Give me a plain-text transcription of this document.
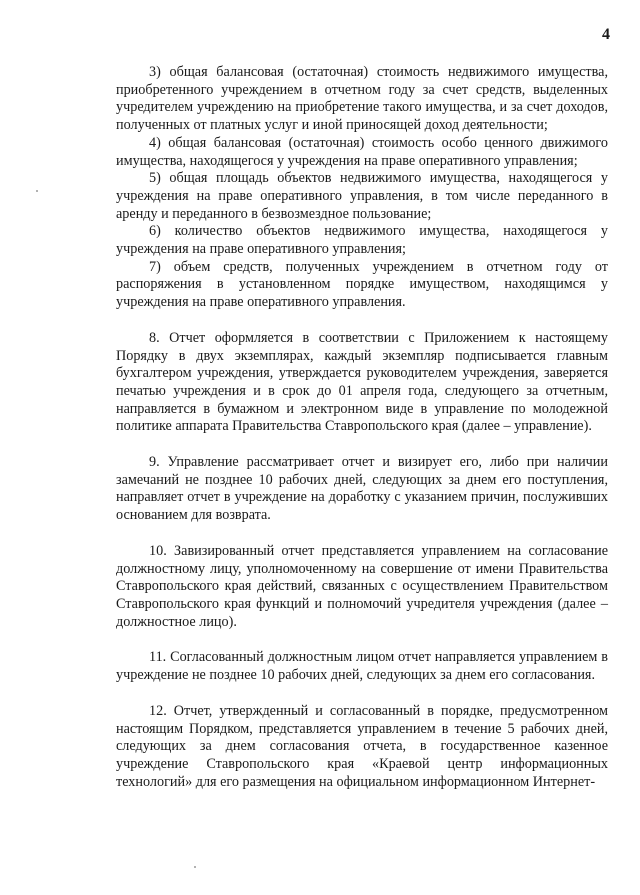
4

3) общая балансовая (остаточная) стоимость недвижимого имущества, приобретенного учреждением в отчетном году за счет средств, выделенных учредителем учреждению на приобретение такого имущества, и за счет доходов, полученных от платных услуг и иной приносящей доход деятельности;

4) общая балансовая (остаточная) стоимость особо ценного движимого имущества, находящегося у учреждения на праве оперативного управления;

5) общая площадь объектов недвижимого имущества, находящегося у учреждения на праве оперативного управления, в том числе переданного в аренду и переданного в безвозмездное пользование;

6) количество объектов недвижимого имущества, находящегося у учреждения на праве оперативного управления;

7) объем средств, полученных учреждением в отчетном году от распоряжения в установленном порядке имуществом, находящимся у учреждения на праве оперативного управления.

8. Отчет оформляется в соответствии с Приложением к настоящему Порядку в двух экземплярах, каждый экземпляр подписывается главным бухгалтером учреждения, утверждается руководителем учреждения, заверяется печатью учреждения и в срок до 01 апреля года, следующего за отчетным, направляется в бумажном и электронном виде в управление по молодежной политике аппарата Правительства Ставропольского края (далее – управление).

9. Управление рассматривает отчет и визирует его, либо при наличии замечаний не позднее 10 рабочих дней, следующих за днем его поступления, направляет отчет в учреждение на доработку с указанием причин, послуживших основанием для возврата.

10. Завизированный отчет представляется управлением на согласование должностному лицу, уполномоченному на совершение от имени Правительства Ставропольского края действий, связанных с осуществлением Правительством Ставропольского края функций и полномочий учредителя учреждения (далее – должностное лицо).

11. Согласованный должностным лицом отчет направляется управлением в учреждение не позднее 10 рабочих дней, следующих за днем его согласования.

12. Отчет, утвержденный и согласованный в порядке, предусмотренном настоящим Порядком, представляется управлением в течение 5 рабочих дней, следующих за днем согласования отчета, в государственное казенное учреждение Ставропольского края «Краевой центр информационных технологий» для его размещения на официальном информационном Интернет-
